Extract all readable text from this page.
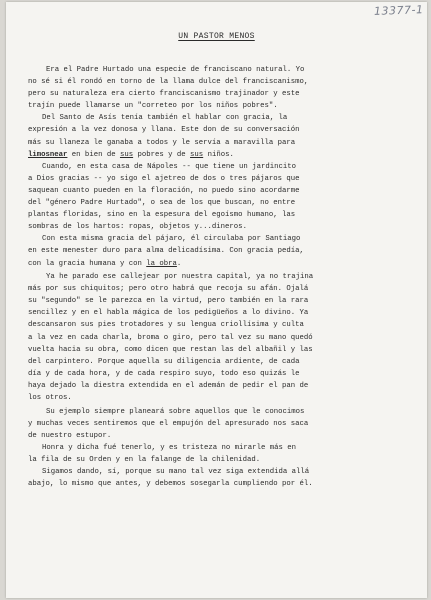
13377-1
UN PASTOR MENOS
Era el Padre Hurtado una especie de franciscano natural. Yo
no sé si él rondó en torno de la llama dulce del franciscanismo,
pero su naturaleza era cierto franciscanismo trajinador y este
trajín puede llamarse un "correteo por los niños pobres".
Del Santo de Asís tenía también el hablar con gracia, la
expresión a la vez donosa y llana. Este don de su conversación
más su llaneza le ganaba a todos y le servía a maravilla para
limosnear en bien de sus pobres y de sus niños.
Cuando, en esta casa de Nápoles -- que tiene un jardincito
a Dios gracias -- yo sigo el ajetreo de dos o tres pájaros que
saquean cuanto pueden en la floración, no puedo sino acordarme
del "género Padre Hurtado", o sea de los que buscan, no entre
plantas floridas, sino en la espesura del egoísmo humano, las
sombras de los hartos: ropas, objetos y...dineros.
Con esta misma gracia del pájaro, él circulaba por Santiago
en este menester duro para alma delicadísima. Con gracia pedía,
con la gracia humana y con la obra.
Ya he parado ese callejear por nuestra capital, ya no trajina
más por sus chiquitos; pero otro habrá que recoja su afán. Ojalá
su "segundo" se le parezca en la virtud, pero también en la rara
sencillez y en el habla mágica de los pedigüeños a lo divino. Ya
descansaron sus pies trotadores y su lengua criollísima y culta
a la vez en cada charla, broma o giro, pero tal vez su mano quedó
vuelta hacia su obra, como dicen que restan las del albañil y las
del carpintero. Porque aquella su diligencia ardiente, de cada
día y de cada hora, y de cada respiro suyo, todo eso quizás le
haya dejado la diestra extendida en el ademán de pedir el pan de
los otros.
Su ejemplo siempre planeará sobre aquellos que le conocimos
y muchas veces sentiremos que el empujón del apresurado nos saca
de nuestro estupor.
Honra y dicha fué tenerlo, y es tristeza no mirarle más en
la fila de su Orden y en la falange de la chilenidad.
Sigamos dando, sí, porque su mano tal vez siga extendida allá
abajo, lo mismo que antes, y debemos sosegarla cumpliendo por él.
